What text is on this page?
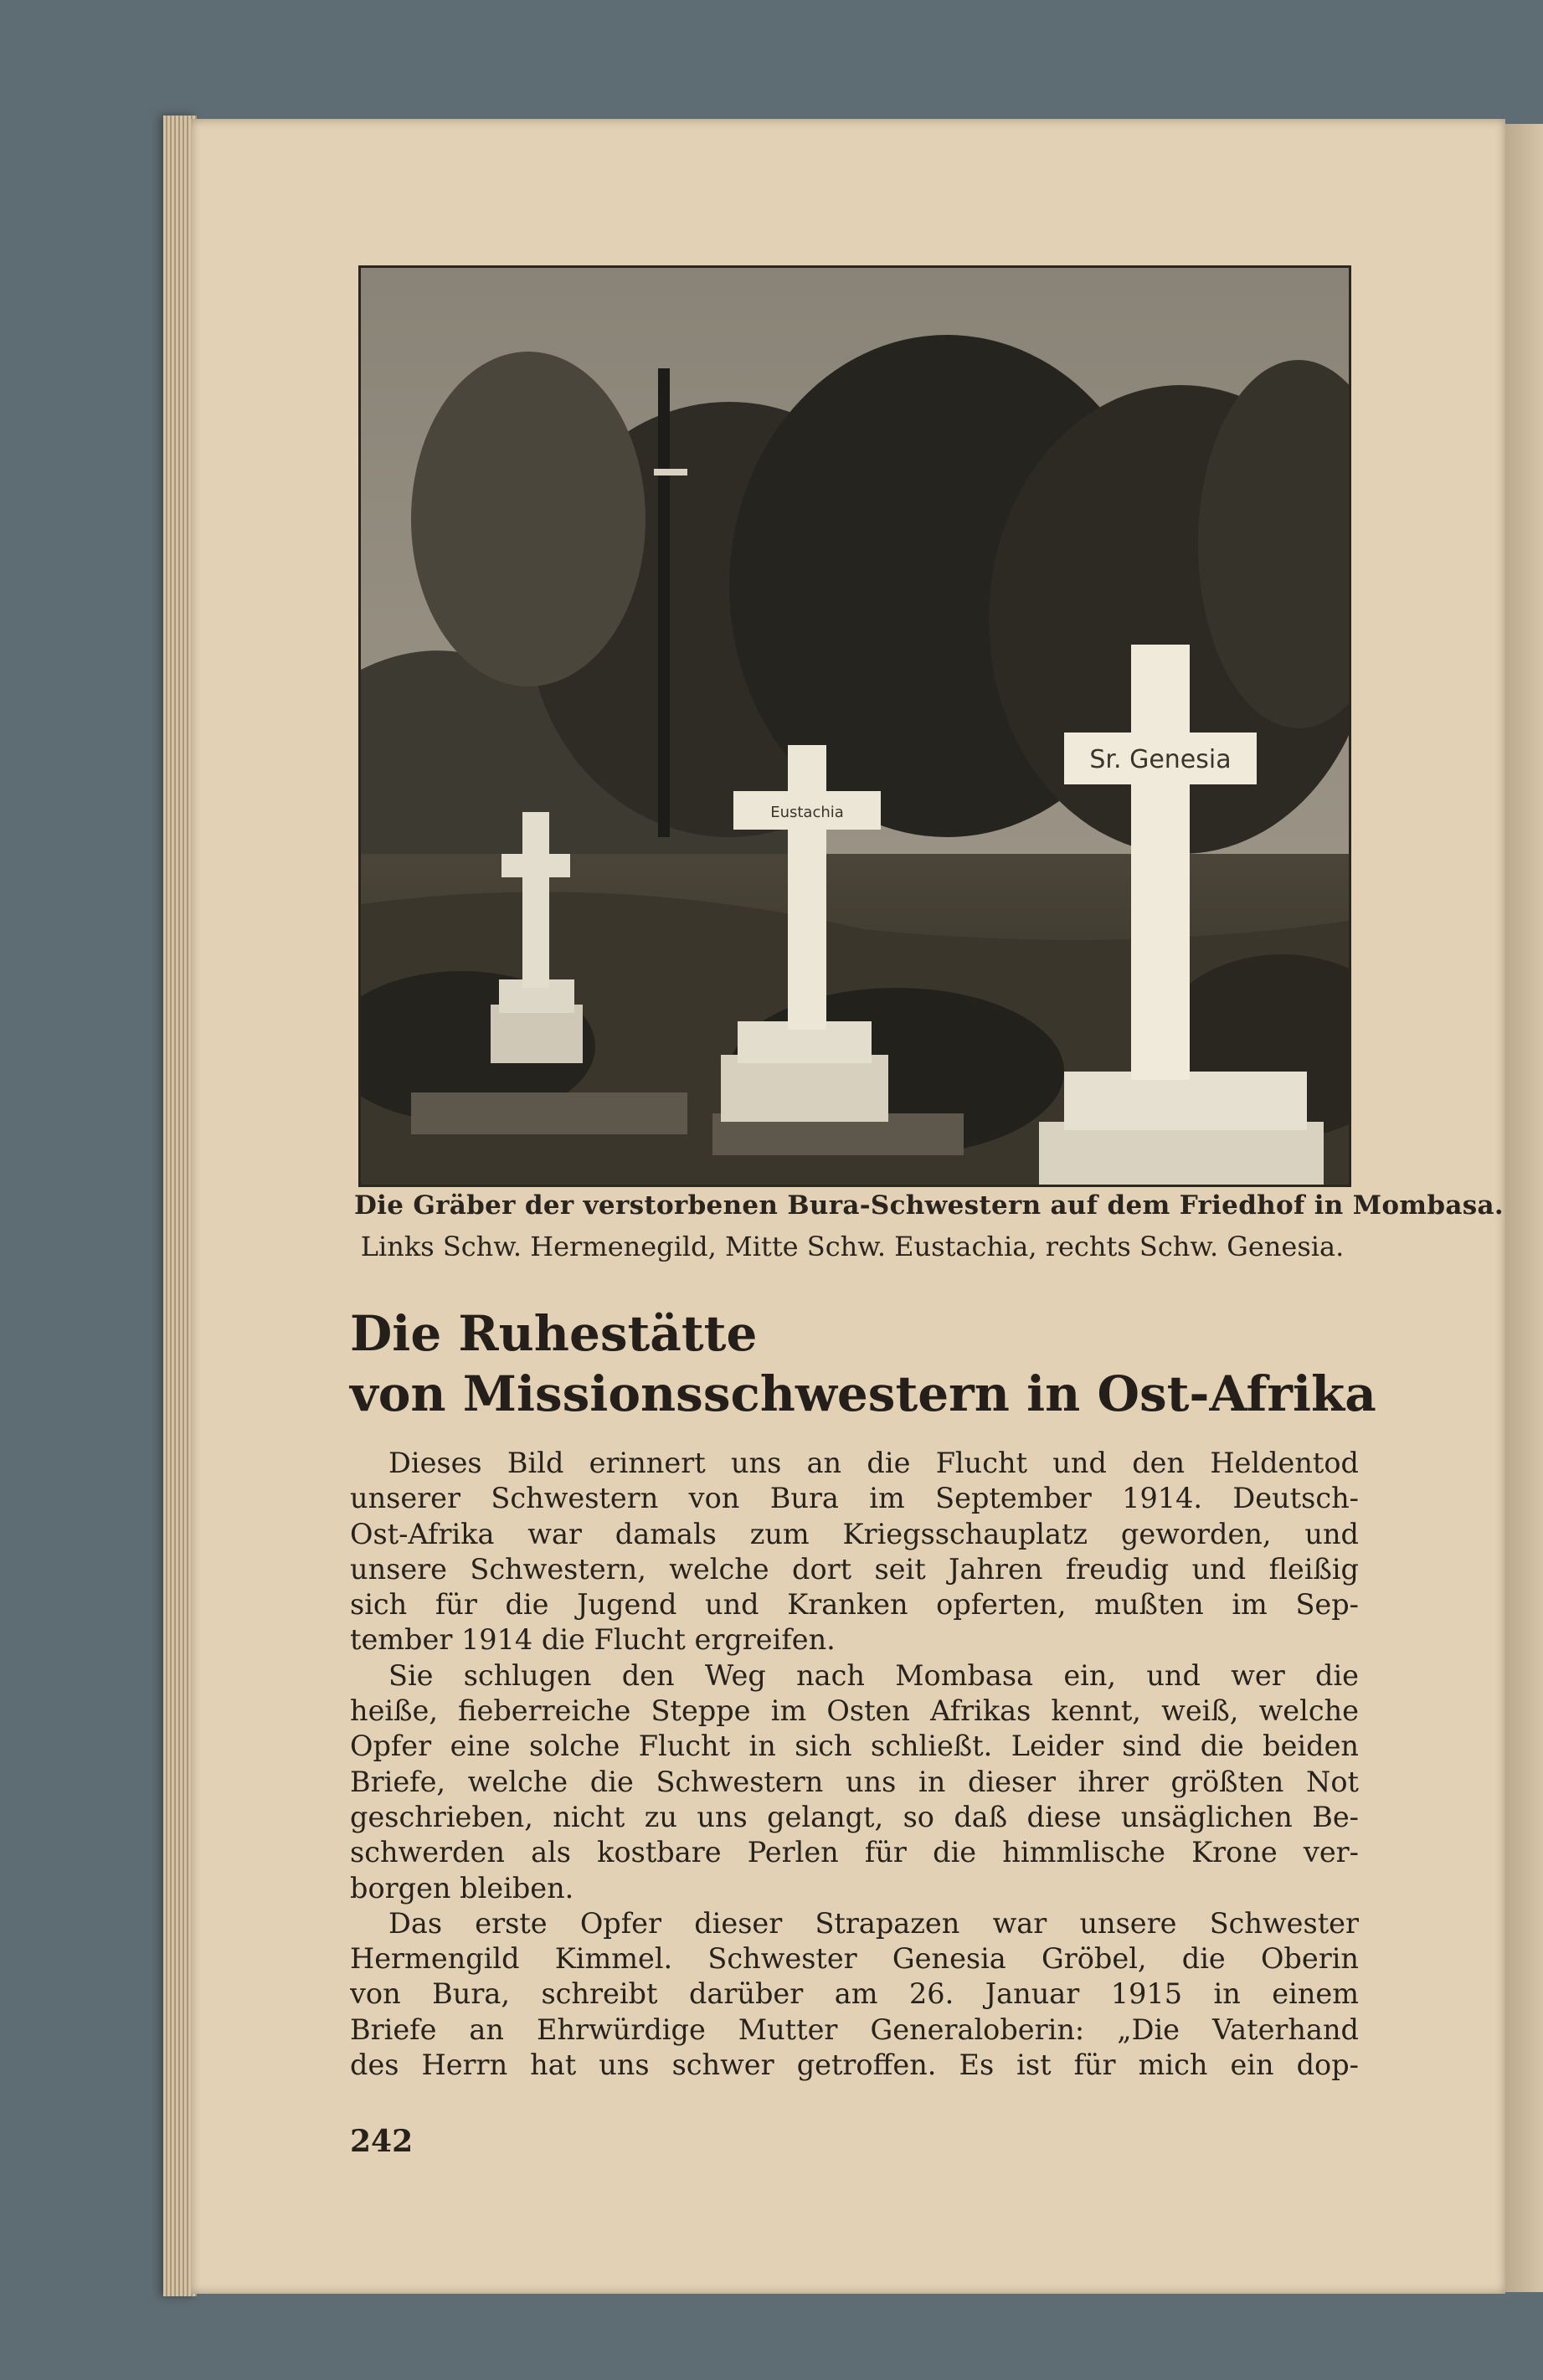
Eustachia
Sr. Genesia
Die Gräber der verstorbenen Bura-Schwestern auf dem Friedhof in Mombasa.
Links Schw. Hermenegild, Mitte Schw. Eustachia, rechts Schw. Genesia.
Die Ruhestätte
von Missionsschwestern in Ost-Afrika
Dieses Bild erinnert uns an die Flucht und den Heldentod
unserer Schwestern von Bura im September 1914. Deutsch-
Ost-Afrika war damals zum Kriegsschauplatz geworden, und
unsere Schwestern, welche dort seit Jahren freudig und fleißig
sich für die Jugend und Kranken opferten, mußten im Sep-
tember 1914 die Flucht ergreifen.
Sie schlugen den Weg nach Mombasa ein, und wer die
heiße, fieberreiche Steppe im Osten Afrikas kennt, weiß, welche
Opfer eine solche Flucht in sich schließt. Leider sind die beiden
Briefe, welche die Schwestern uns in dieser ihrer größten Not
geschrieben, nicht zu uns gelangt, so daß diese unsäglichen Be-
schwerden als kostbare Perlen für die himmlische Krone ver-
borgen bleiben.
Das erste Opfer dieser Strapazen war unsere Schwester
Hermengild Kimmel. Schwester Genesia Gröbel, die Oberin
von Bura, schreibt darüber am 26. Januar 1915 in einem
Briefe an Ehrwürdige Mutter Generaloberin: „Die Vaterhand
des Herrn hat uns schwer getroffen. Es ist für mich ein dop-
242
